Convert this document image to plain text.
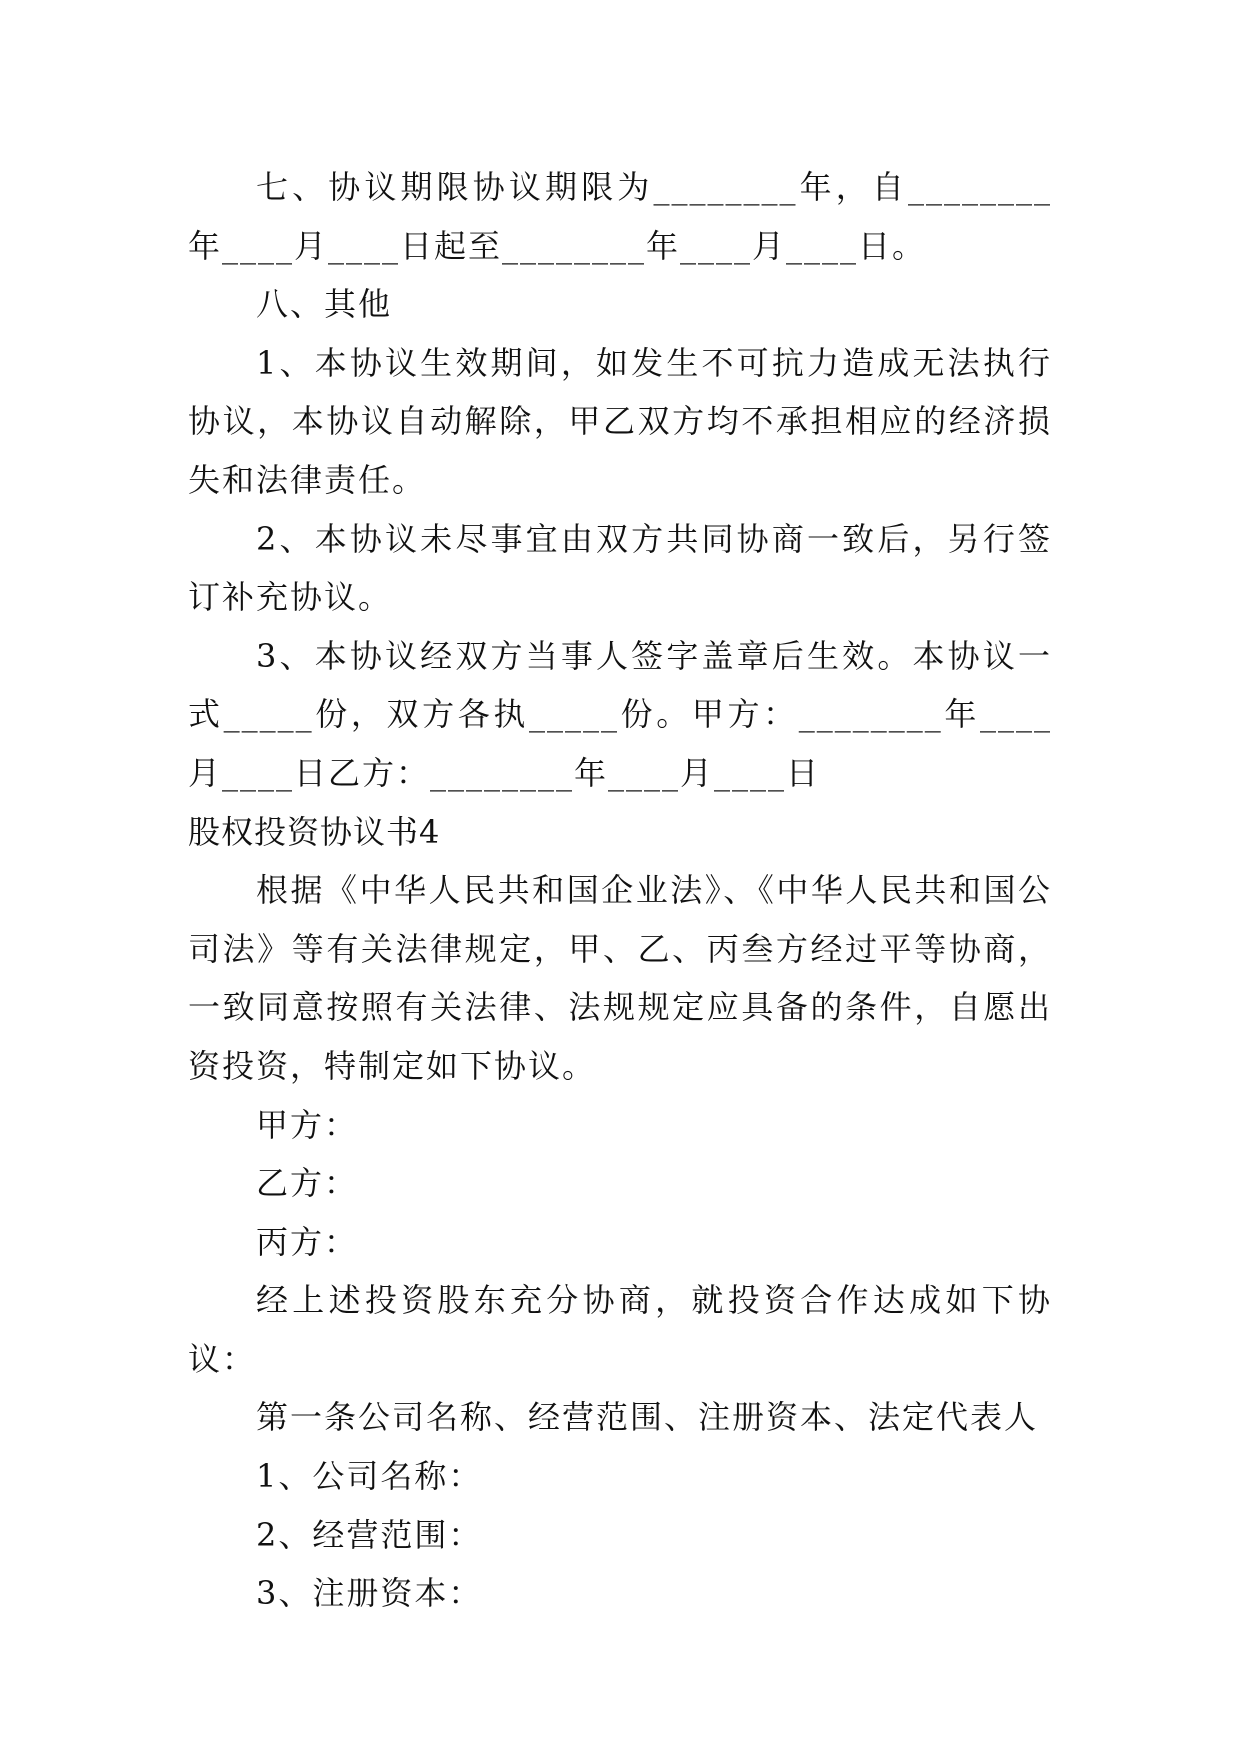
七、协议期限协议期限为________年，自________年____月____日起至________年____月____日。

八、其他

1、本协议生效期间，如发生不可抗力造成无法执行协议，本协议自动解除，甲乙双方均不承担相应的经济损失和法律责任。

2、本协议未尽事宜由双方共同协商一致后，另行签订补充协议。

3、本协议经双方当事人签字盖章后生效。本协议一式_____份，双方各执_____份。甲方：________年____月____日乙方：________年____月____日

股权投资协议书4

根据《中华人民共和国企业法》、《中华人民共和国公司法》等有关法律规定，甲、乙、丙叁方经过平等协商，一致同意按照有关法律、法规规定应具备的条件，自愿出资投资，特制定如下协议。

甲方：

乙方：

丙方：

经上述投资股东充分协商，就投资合作达成如下协议：

第一条公司名称、经营范围、注册资本、法定代表人

1、公司名称：

2、经营范围：

3、注册资本：
